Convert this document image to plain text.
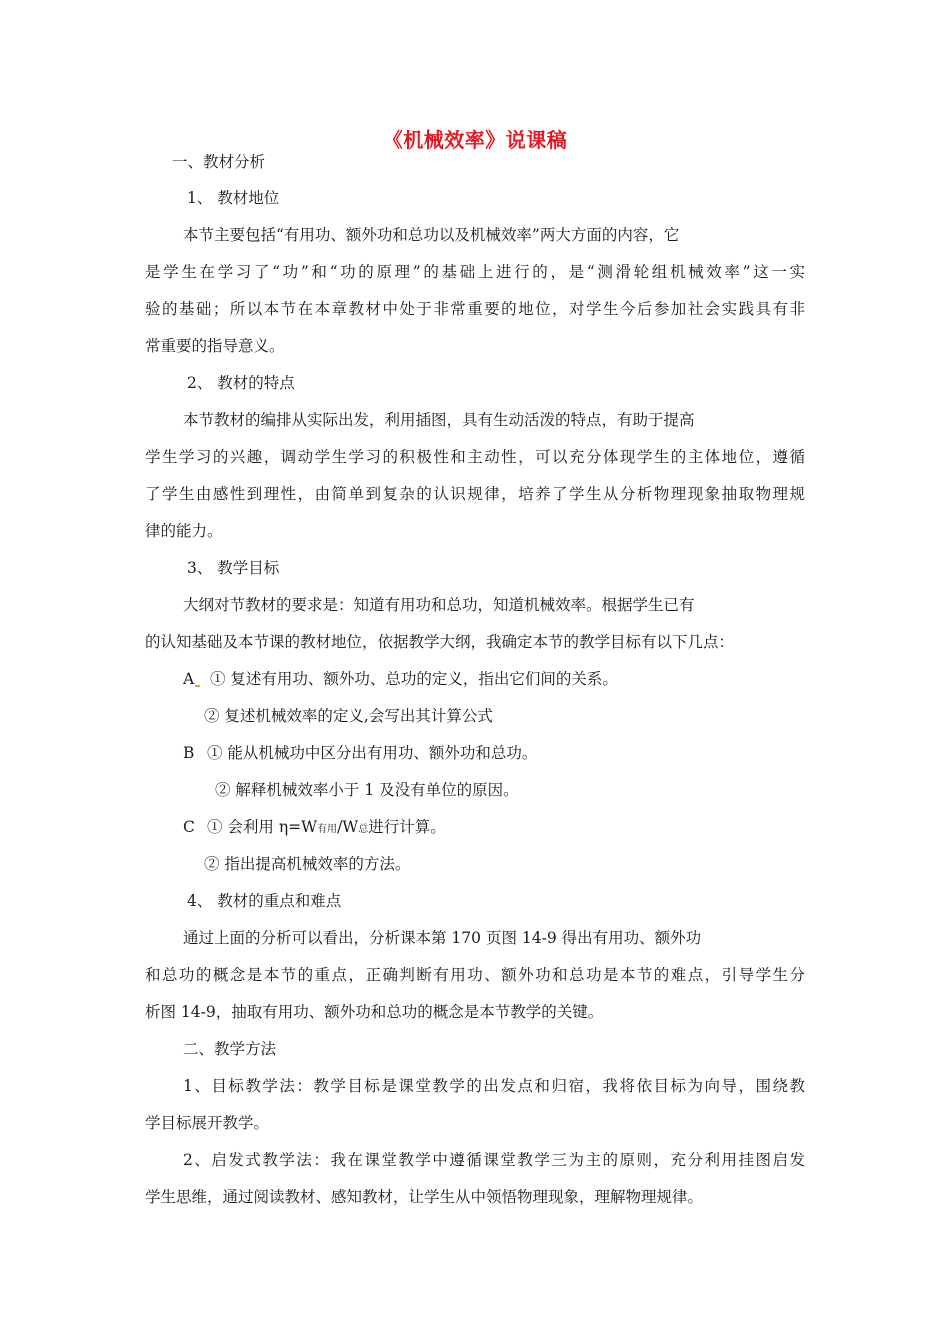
《机械效率》说课稿
一、教材分析
1、 教材地位
本节主要包括“有用功、额外功和总功以及机械效率”两大方面的内容，它
是学生在学习了“功”和“功的原理”的基础上进行的，是“测滑轮组机械效率”这一实
验的基础；所以本节在本章教材中处于非常重要的地位，对学生今后参加社会实践具有非
常重要的指导意义。
2、 教材的特点
本节教材的编排从实际出发，利用插图，具有生动活泼的特点，有助于提高
学生学习的兴趣，调动学生学习的积极性和主动性，可以充分体现学生的主体地位，遵循
了学生由感性到理性，由简单到复杂的认识规律，培养了学生从分析物理现象抽取物理规
律的能力。
3、 教学目标
大纲对节教材的要求是：知道有用功和总功，知道机械效率。根据学生已有
的认知基础及本节课的教材地位，依据教学大纲，我确定本节的教学目标有以下几点：
A	① 复述有用功、额外功、总功的定义，指出它们间的关系。
② 复述机械效率的定义,会写出其计算公式
B ① 能从机械功中区分出有用功、额外功和总功。
② 解释机械效率小于 1 及没有单位的原因。
C ① 会利用 η=W有用/W总进行计算。
② 指出提高机械效率的方法。
4、 教材的重点和难点
通过上面的分析可以看出，分析课本第 170 页图 14-9 得出有用功、额外功
和总功的概念是本节的重点，正确判断有用功、额外功和总功是本节的难点，引导学生分
析图 14-9，抽取有用功、额外功和总功的概念是本节教学的关键。
二、教学方法
1、目标教学法：教学目标是课堂教学的出发点和归宿，我将依目标为向导，围绕教
学目标展开教学。
2、启发式教学法：我在课堂教学中遵循课堂教学三为主的原则，充分利用挂图启发
学生思维，通过阅读教材、感知教材，让学生从中领悟物理现象，理解物理规律。
